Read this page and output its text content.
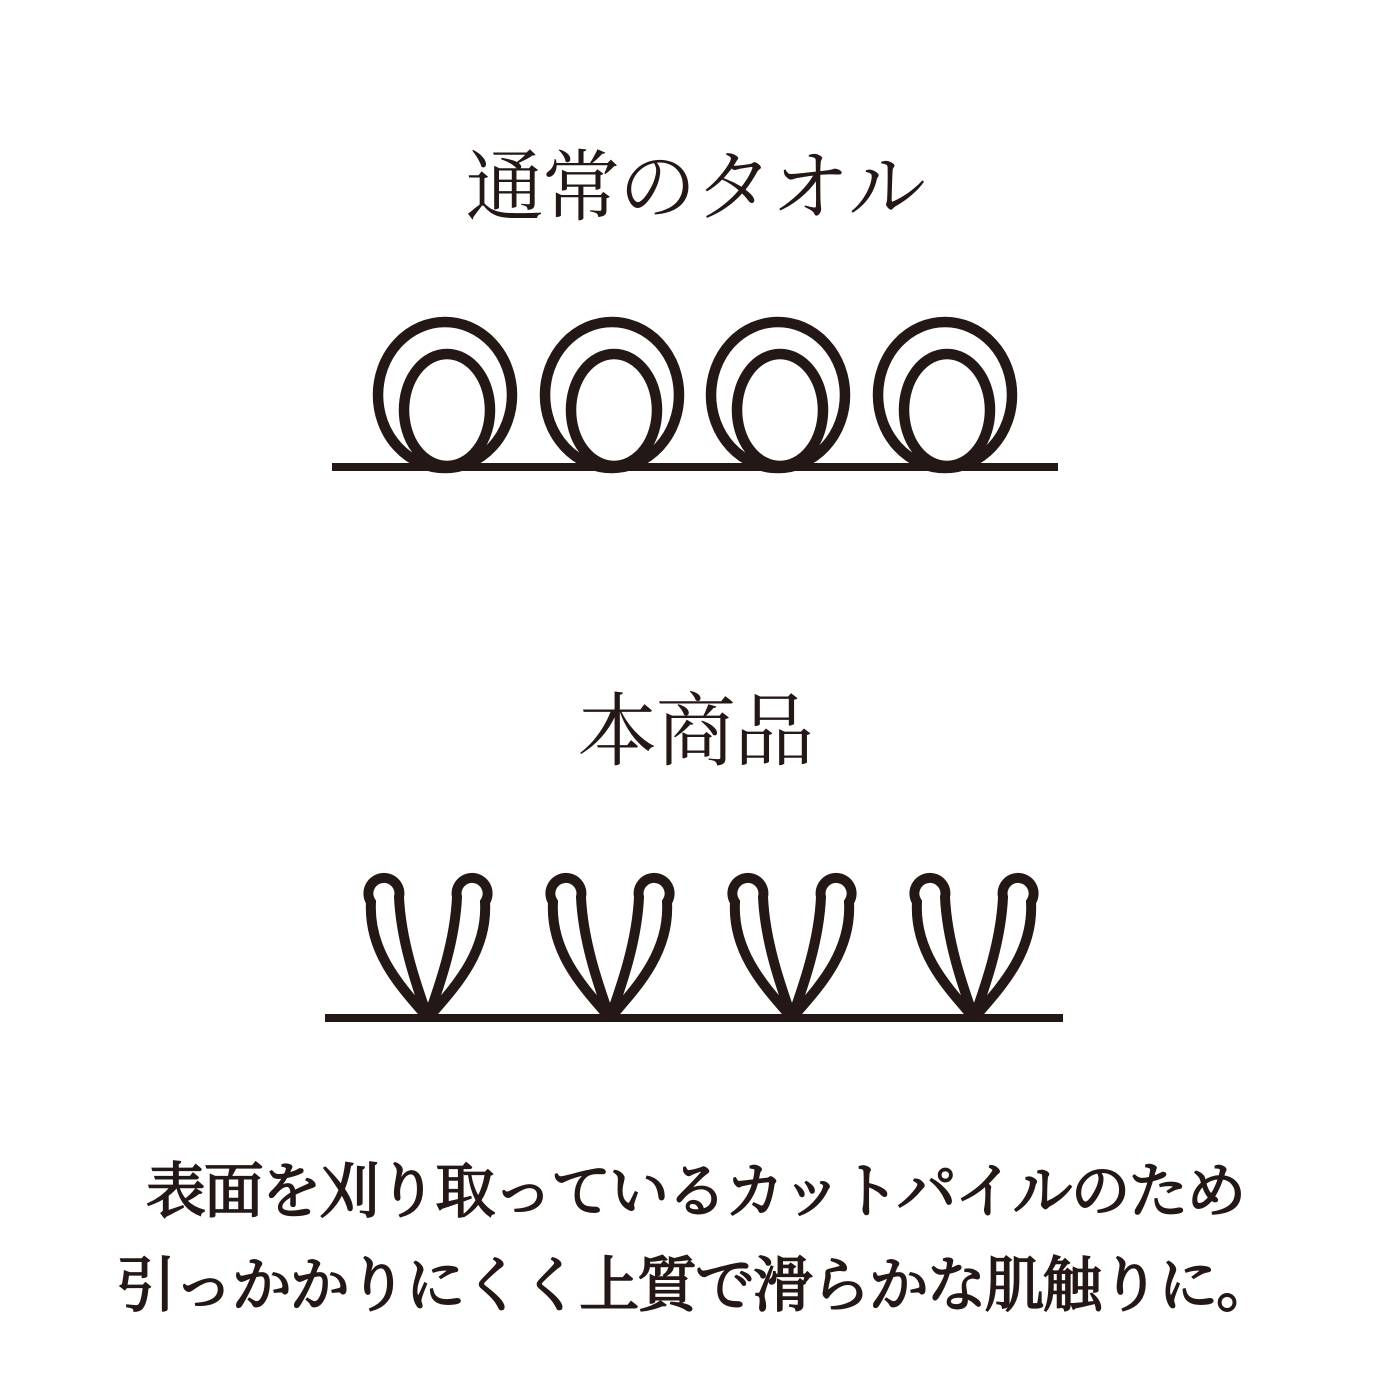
通常のタオル
本商品
表面を刈り取っているカットパイルのため
引っかかりにくく上質で滑らかな肌触りに。
